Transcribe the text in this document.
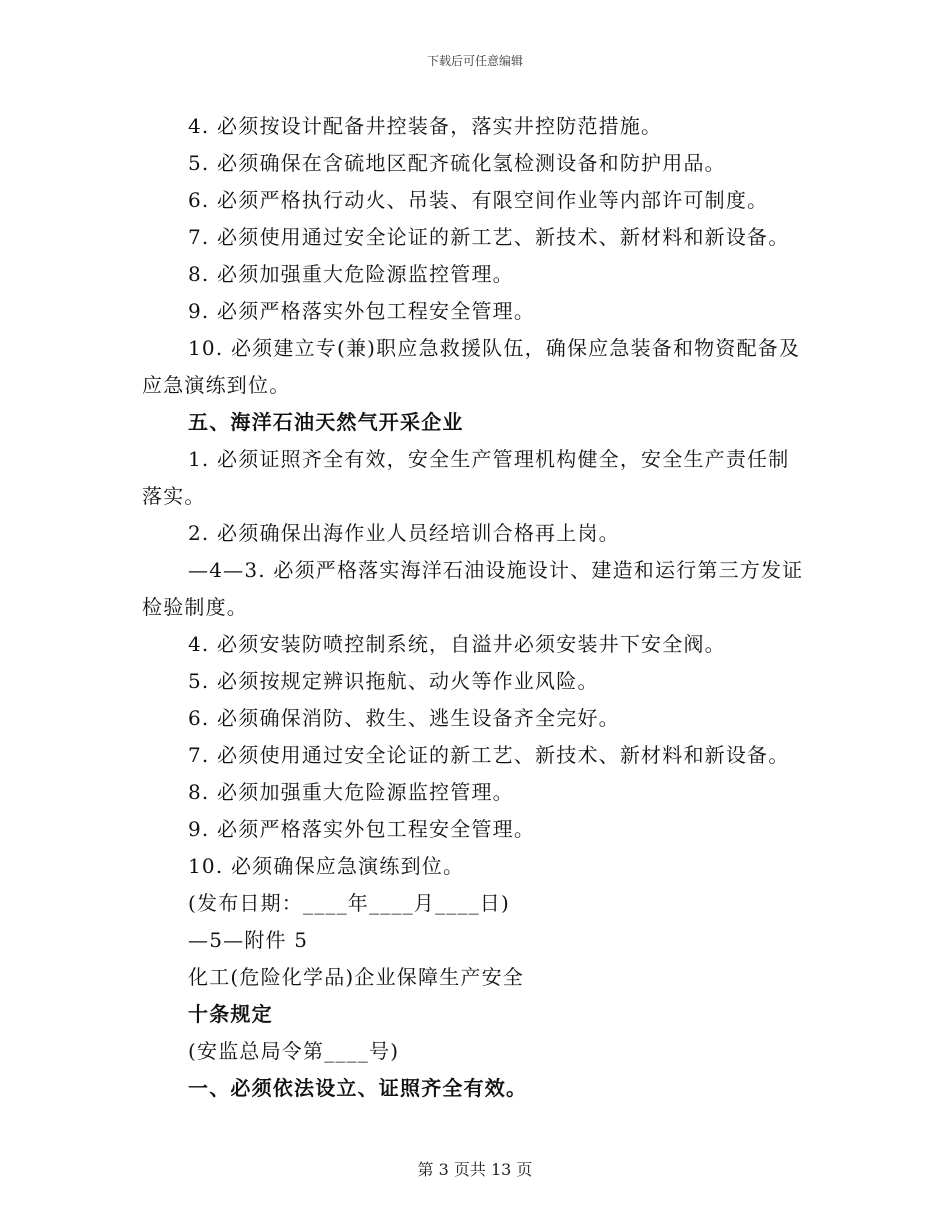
下载后可任意编辑
4. 必须按设计配备井控装备，落实井控防范措施。
5. 必须确保在含硫地区配齐硫化氢检测设备和防护用品。
6. 必须严格执行动火、吊装、有限空间作业等内部许可制度。
7. 必须使用通过安全论证的新工艺、新技术、新材料和新设备。
8. 必须加强重大危险源监控管理。
9. 必须严格落实外包工程安全管理。
10. 必须建立专(兼)职应急救援队伍，确保应急装备和物资配备及
应急演练到位。
五、海洋石油天然气开采企业
1. 必须证照齐全有效，安全生产管理机构健全，安全生产责任制
落实。
2. 必须确保出海作业人员经培训合格再上岗。
—4—3. 必须严格落实海洋石油设施设计、建造和运行第三方发证
检验制度。
4. 必须安装防喷控制系统，自溢井必须安装井下安全阀。
5. 必须按规定辨识拖航、动火等作业风险。
6. 必须确保消防、救生、逃生设备齐全完好。
7. 必须使用通过安全论证的新工艺、新技术、新材料和新设备。
8. 必须加强重大危险源监控管理。
9. 必须严格落实外包工程安全管理。
10. 必须确保应急演练到位。
(发布日期：____年____月____日)
—5—附件 5
化工(危险化学品)企业保障生产安全
十条规定
(安监总局令第____号)
一、必须依法设立、证照齐全有效。
第 3 页共 13 页
